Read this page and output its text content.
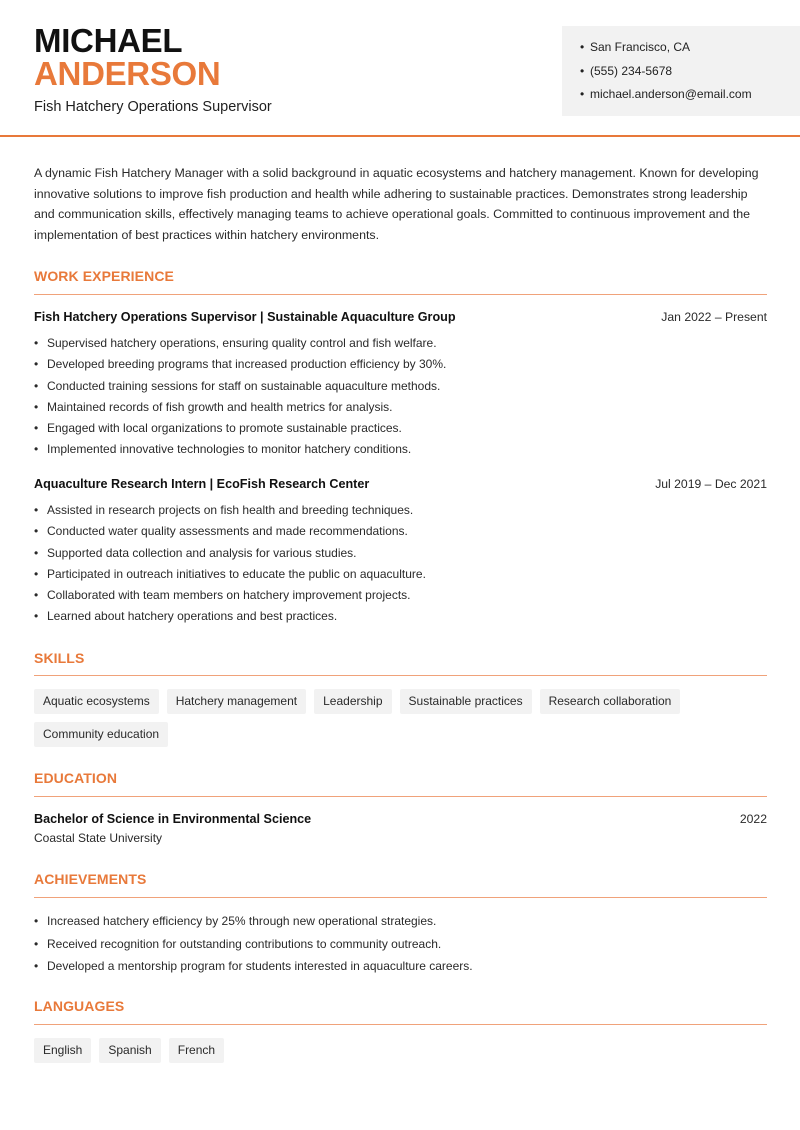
MICHAEL
ANDERSON
Fish Hatchery Operations Supervisor
• San Francisco, CA
• (555) 234-5678
• michael.anderson@email.com
A dynamic Fish Hatchery Manager with a solid background in aquatic ecosystems and hatchery management. Known for developing innovative solutions to improve fish production and health while adhering to sustainable practices. Demonstrates strong leadership and communication skills, effectively managing teams to achieve operational goals. Committed to continuous improvement and the implementation of best practices within hatchery environments.
WORK EXPERIENCE
Fish Hatchery Operations Supervisor | Sustainable Aquaculture Group	Jan 2022 – Present
• Supervised hatchery operations, ensuring quality control and fish welfare.
• Developed breeding programs that increased production efficiency by 30%.
• Conducted training sessions for staff on sustainable aquaculture methods.
• Maintained records of fish growth and health metrics for analysis.
• Engaged with local organizations to promote sustainable practices.
• Implemented innovative technologies to monitor hatchery conditions.
Aquaculture Research Intern | EcoFish Research Center	Jul 2019 – Dec 2021
• Assisted in research projects on fish health and breeding techniques.
• Conducted water quality assessments and made recommendations.
• Supported data collection and analysis for various studies.
• Participated in outreach initiatives to educate the public on aquaculture.
• Collaborated with team members on hatchery improvement projects.
• Learned about hatchery operations and best practices.
SKILLS
Aquatic ecosystems	Hatchery management	Leadership	Sustainable practices	Research collaboration
Community education
EDUCATION
Bachelor of Science in Environmental Science	2022
Coastal State University
ACHIEVEMENTS
• Increased hatchery efficiency by 25% through new operational strategies.
• Received recognition for outstanding contributions to community outreach.
• Developed a mentorship program for students interested in aquaculture careers.
LANGUAGES
English	Spanish	French
